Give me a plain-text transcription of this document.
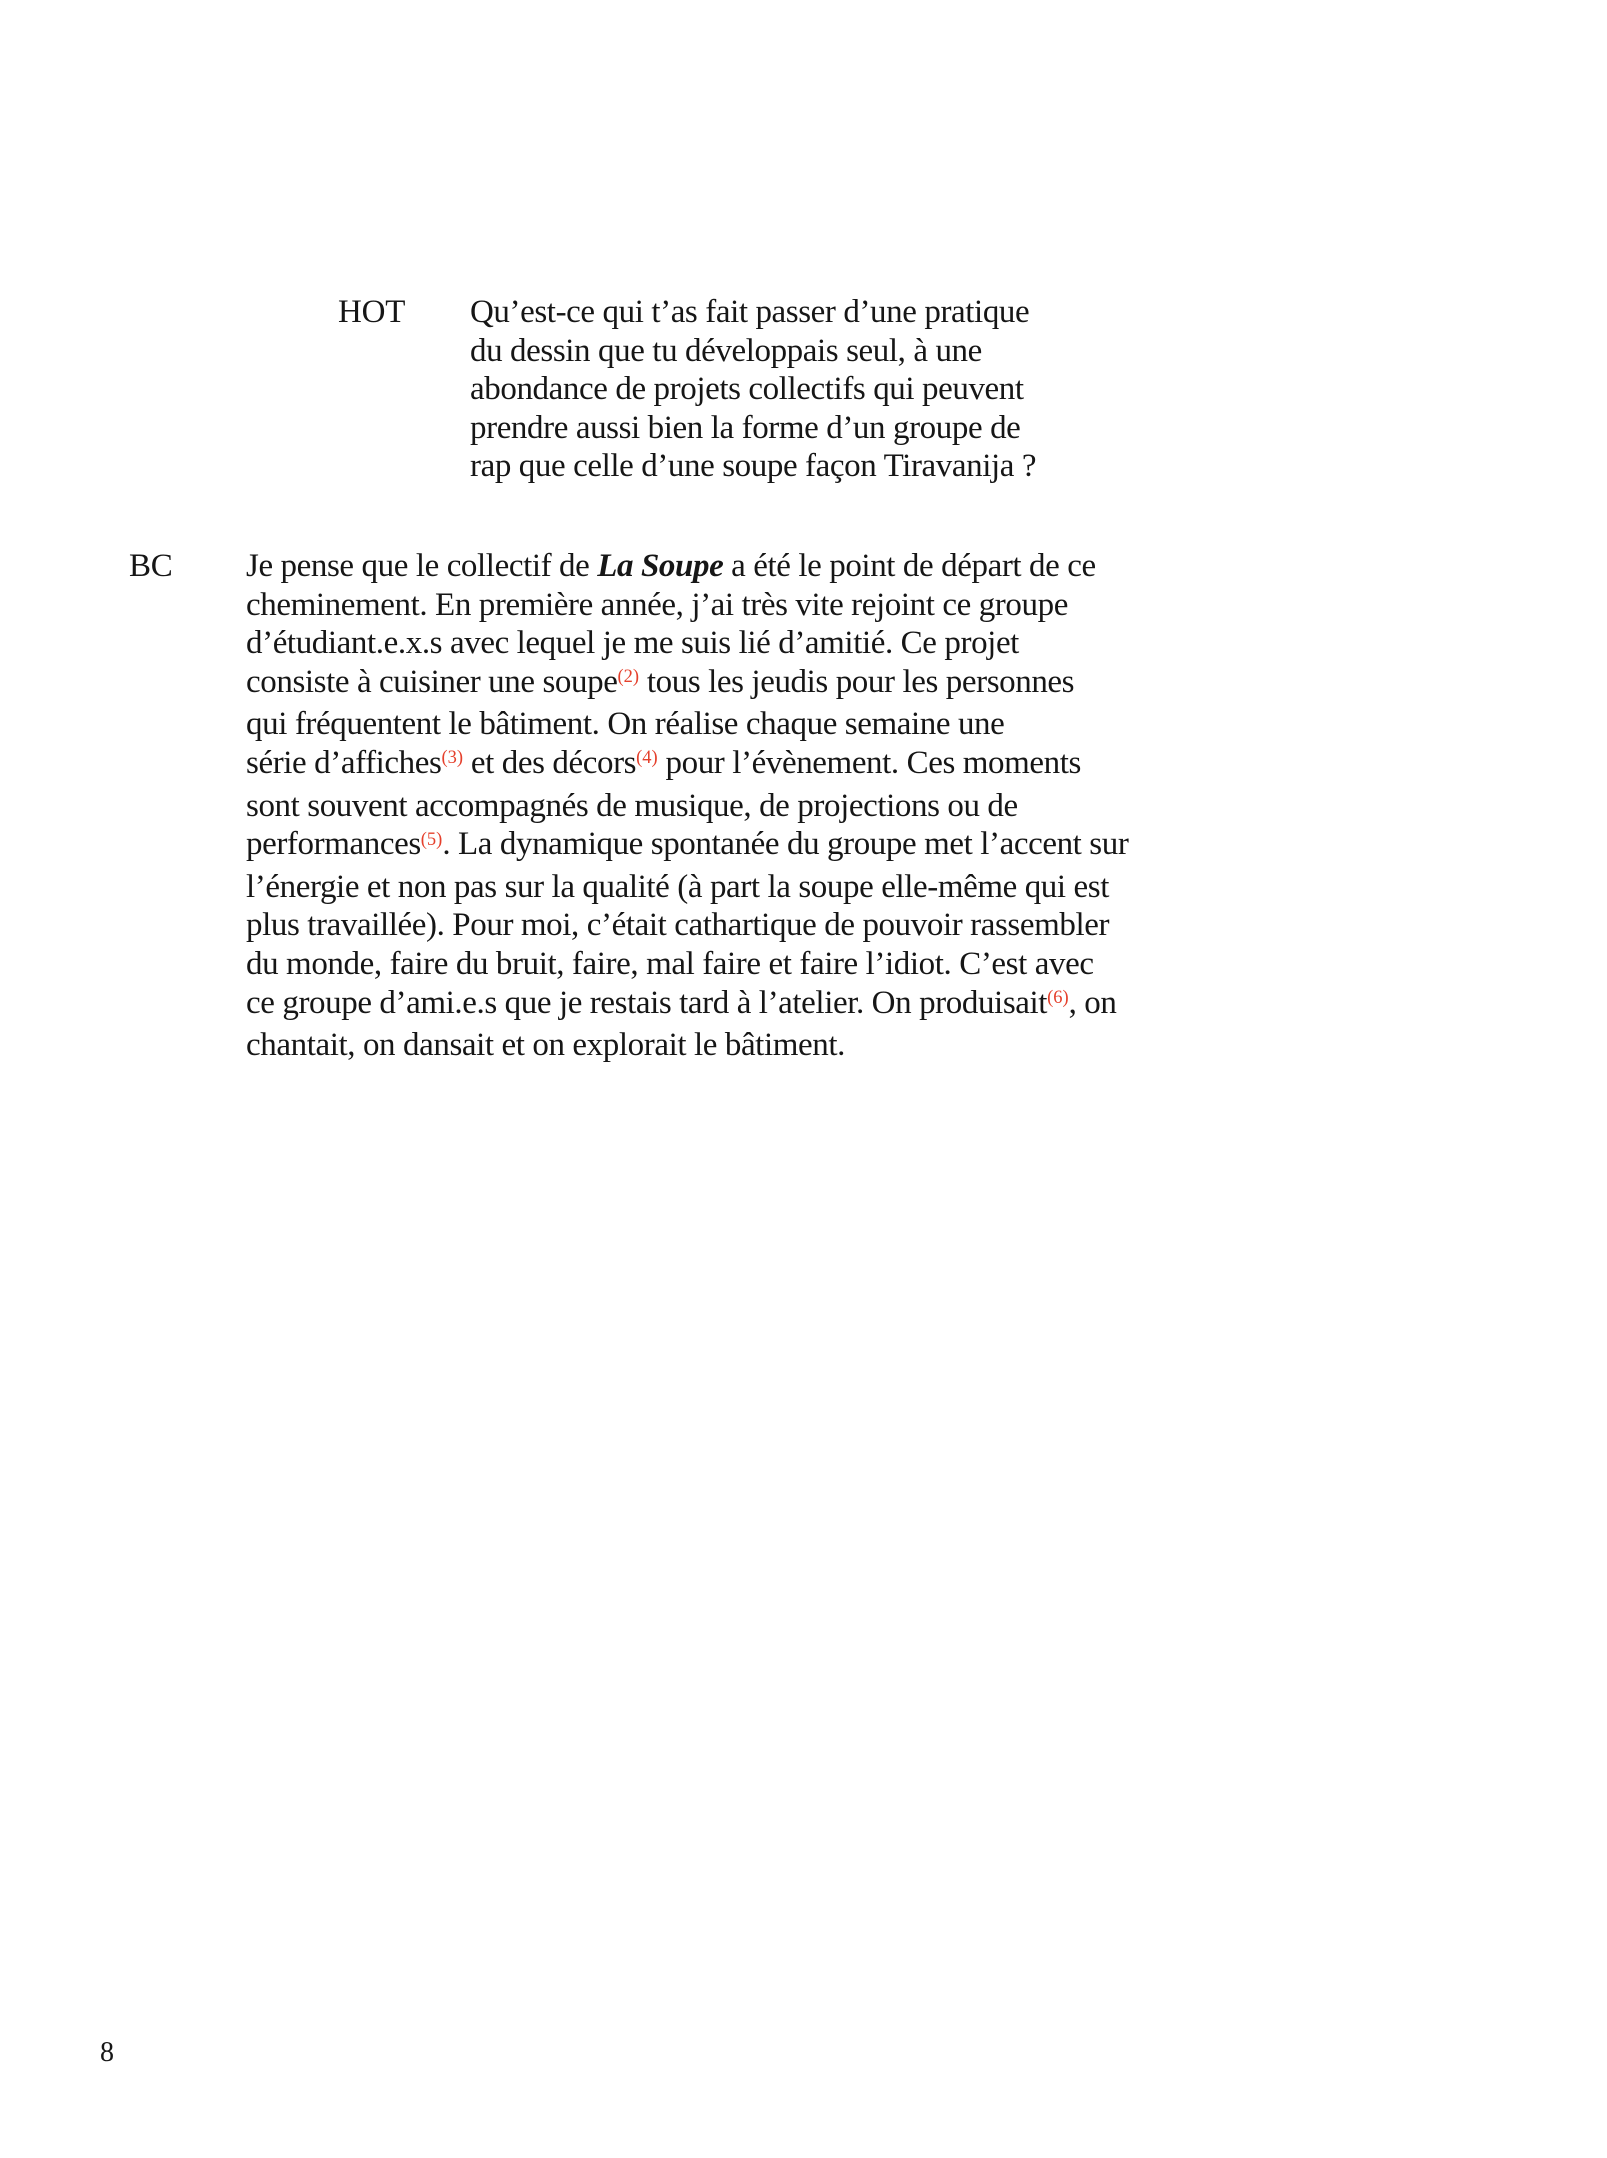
HOT	Qu’est-ce qui t’as fait passer d’une pratique
du dessin que tu développais seul, à une
abondance de projets collectifs qui peuvent
prendre aussi bien la forme d’un groupe de
rap que celle d’une soupe façon Tiravanija ?
BC	Je pense que le collectif de La Soupe a été le point de départ de ce
cheminement. En première année, j’ai très vite rejoint ce groupe
d’étudiant.e.x.s avec lequel je me suis lié d’amitié. Ce projet
consiste à cuisiner une soupe$^{(2)}$ tous les jeudis pour les personnes
qui fréquentent le bâtiment. On réalise chaque semaine une
série d’affiches$^{(3)}$ et des décors$^{(4)}$ pour l’évènement. Ces moments
sont souvent accompagnés de musique, de projections ou de
performances$^{(5)}$. La dynamique spontanée du groupe met l’accent sur
l’énergie et non pas sur la qualité (à part la soupe elle-même qui est
plus travaillée). Pour moi, c’était cathartique de pouvoir rassembler
du monde, faire du bruit, faire, mal faire et faire l’idiot. C’est avec
ce groupe d’ami.e.s que je restais tard à l’atelier. On produisait$^{(6)}$, on
chantait, on dansait et on explorait le bâtiment.
8
